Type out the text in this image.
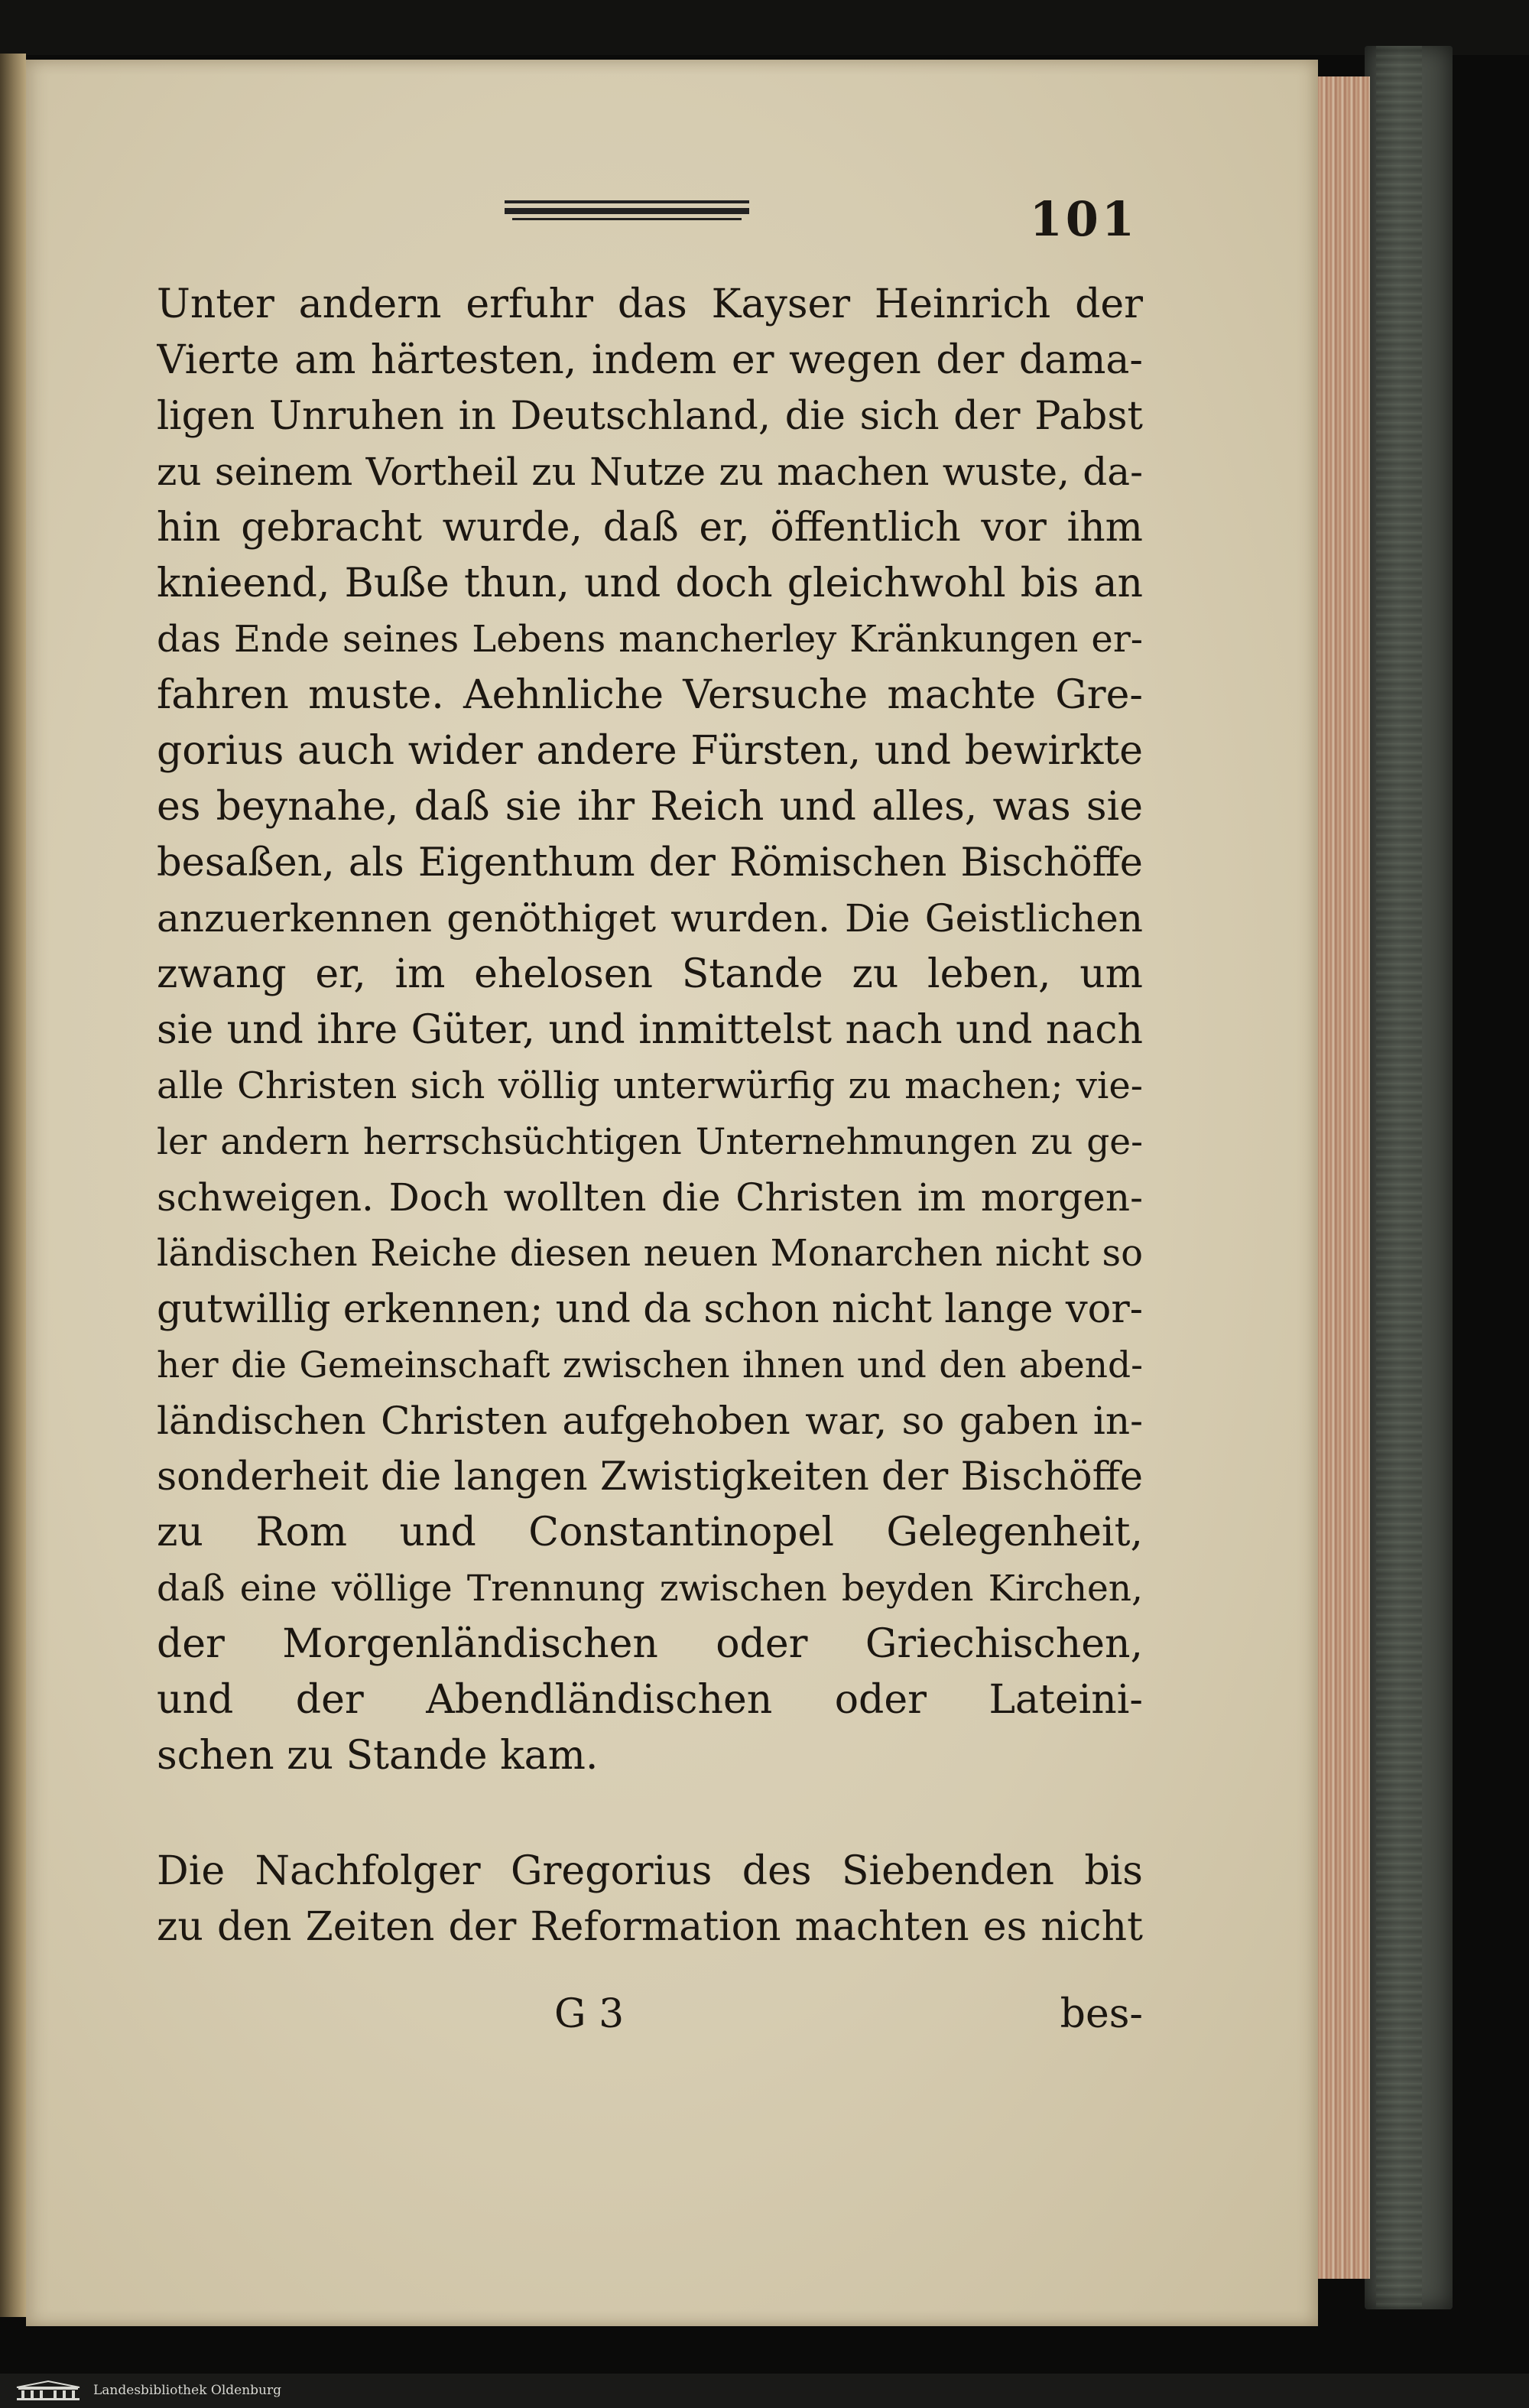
101
Unter andern erfuhr das Kayser Heinrich der
Vierte am härtesten, indem er wegen der dama-
ligen Unruhen in Deutschland, die sich der Pabst
zu seinem Vortheil zu Nutze zu machen wuste, da-
hin gebracht wurde, daß er, öffentlich vor ihm
knieend, Buße thun, und doch gleichwohl bis an
das Ende seines Lebens mancherley Kränkungen er-
fahren muste. Aehnliche Versuche machte Gre-
gorius auch wider andere Fürsten, und bewirkte
es beynahe, daß sie ihr Reich und alles, was sie
besaßen, als Eigenthum der Römischen Bischöffe
anzuerkennen genöthiget wurden. Die Geistlichen
zwang er, im ehelosen Stande zu leben, um
sie und ihre Güter, und inmittelst nach und nach
alle Christen sich völlig unterwürfig zu machen; vie-
ler andern herrschsüchtigen Unternehmungen zu ge-
schweigen. Doch wollten die Christen im morgen-
ländischen Reiche diesen neuen Monarchen nicht so
gutwillig erkennen; und da schon nicht lange vor-
her die Gemeinschaft zwischen ihnen und den abend-
ländischen Christen aufgehoben war, so gaben in-
sonderheit die langen Zwistigkeiten der Bischöffe
zu Rom und Constantinopel Gelegenheit,
daß eine völlige Trennung zwischen beyden Kirchen,
der Morgenländischen oder Griechischen,
und der Abendländischen oder Lateini-
schen zu Stande kam.
Die Nachfolger Gregorius des Siebenden bis
zu den Zeiten der Reformation machten es nicht
G 3	bes-
Landesbibliothek Oldenburg
